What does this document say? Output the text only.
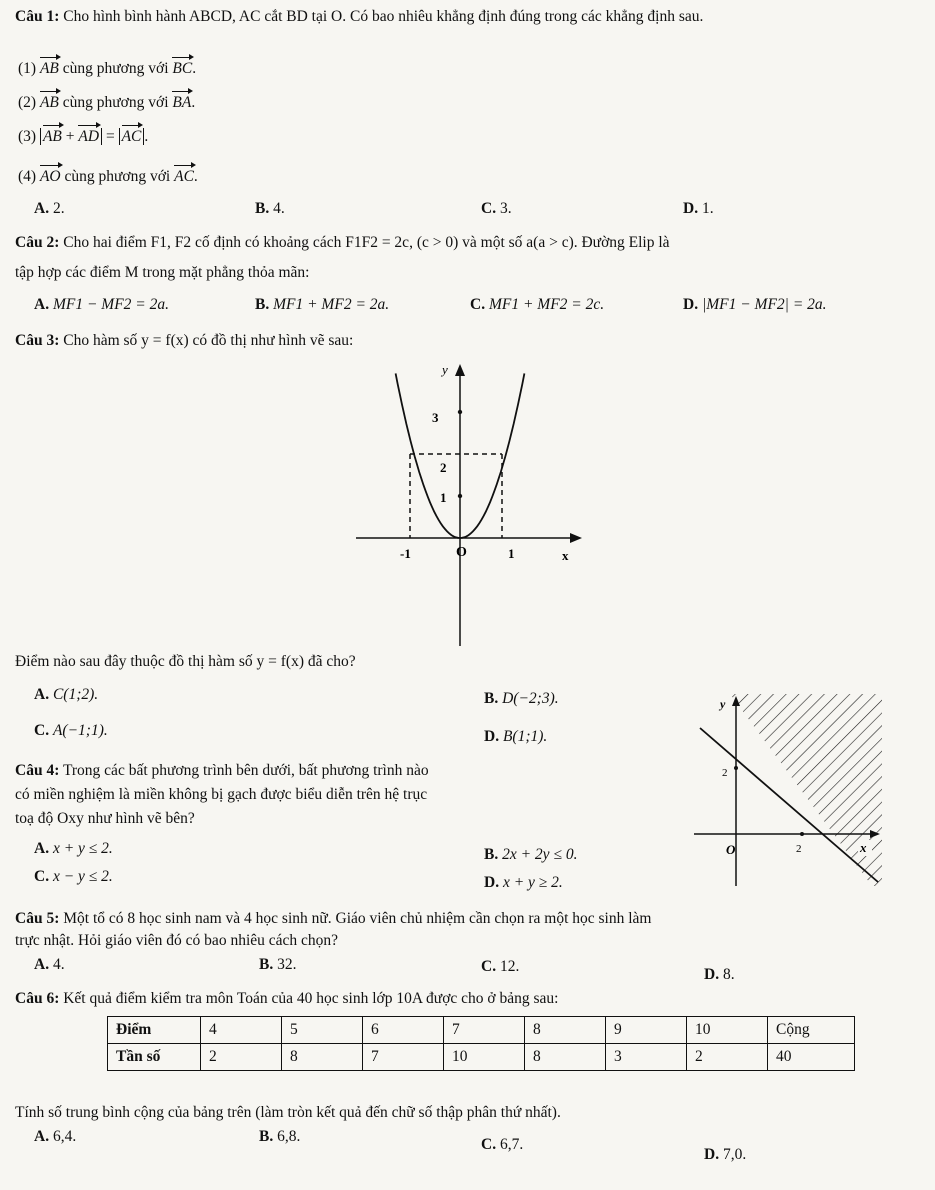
Câu 1: Cho hình bình hành ABCD, AC cắt BD tại O. Có bao nhiêu khẳng định đúng trong các khẳng định sau.
(1) AB cùng phương với BC.
(2) AB cùng phương với BA.
(3) AB + AD = AC .
(4) AO cùng phương với AC.
A. 2.	B. 4.	C. 3.	D. 1.
Câu 2: Cho hai điểm F1, F2 cố định có khoảng cách F1F2 = 2c, (c > 0) và một số a(a > c). Đường Elip là
tập hợp các điểm M trong mặt phẳng thỏa mãn:
A. MF1 − MF2 = 2a.	B. MF1 + MF2 = 2a.	C. MF1 + MF2 = 2c.	D. |MF1 − MF2| = 2a.
Câu 3: Cho hàm số y = f(x) có đồ thị như hình vẽ sau:
y
3
2
1
-1	O	1	x
Điểm nào sau đây thuộc đồ thị hàm số y = f(x) đã cho?
A. C(1;2).	B. D(−2;3).
C. A(−1;1).	D. B(1;1).
y
2
O	2	x
Câu 4: Trong các bất phương trình bên dưới, bất phương trình nào
có miền nghiệm là miền không bị gạch được biểu diễn trên hệ trục
toạ độ Oxy như hình vẽ bên?
A. x + y ≤ 2.	B. 2x + 2y ≤ 0.
C. x − y ≤ 2.	D. x + y ≥ 2.
Câu 5: Một tổ có 8 học sinh nam và 4 học sinh nữ. Giáo viên chủ nhiệm cần chọn ra một học sinh làm
trực nhật. Hỏi giáo viên đó có bao nhiêu cách chọn?
A. 4.	B. 32.	C. 12.	D. 8.
Câu 6: Kết quả điểm kiểm tra môn Toán của 40 học sinh lớp 10A được cho ở bảng sau:
Điểm	4	5	6	7	8	9	10	Cộng
Tần số	2	8	7	10	8	3	2	40
Tính số trung bình cộng của bảng trên (làm tròn kết quả đến chữ số thập phân thứ nhất).
A. 6,4.	B. 6,8.	C. 6,7.
D. 7,0.
